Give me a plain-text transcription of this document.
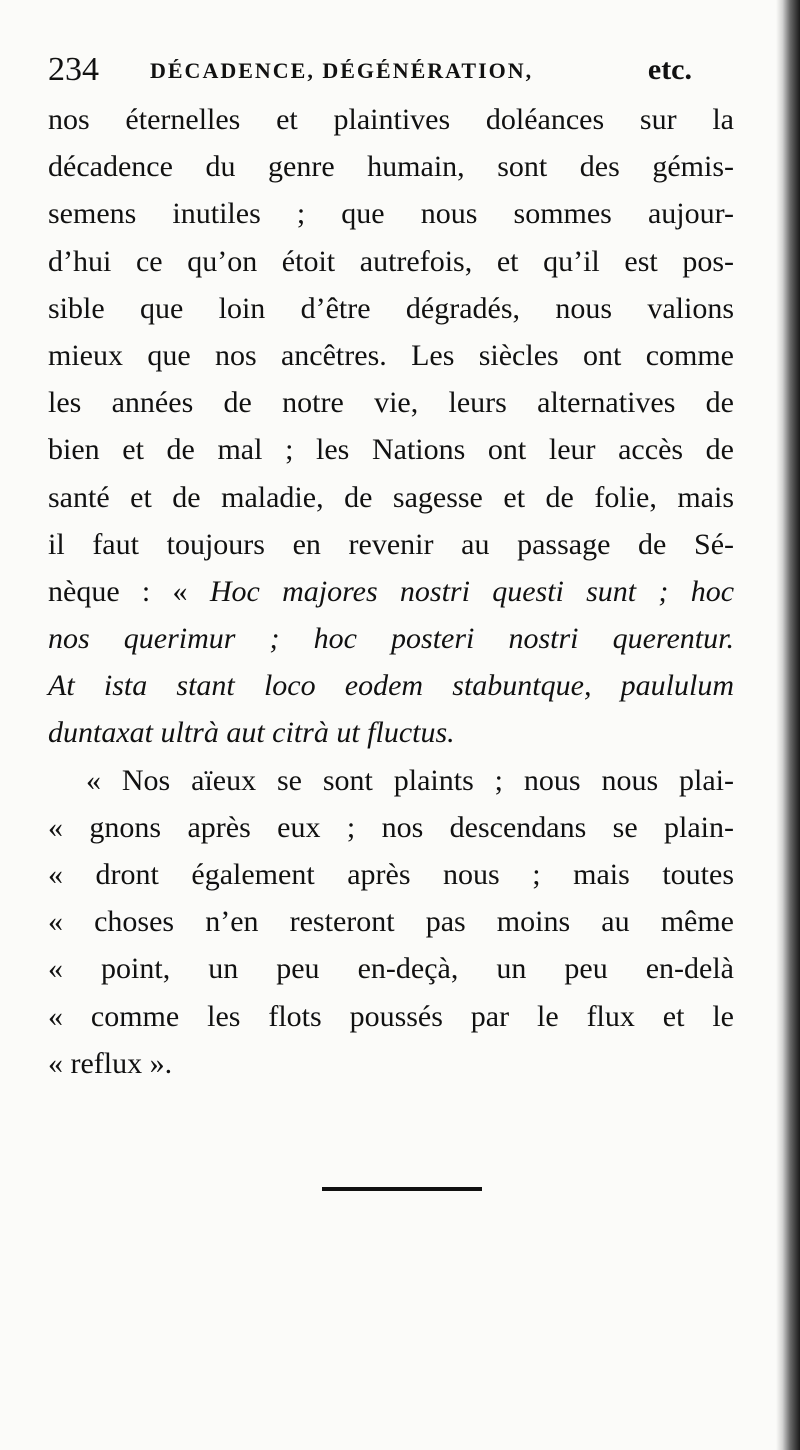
234 DÉCADENCE, DÉGÉNÉRATION,	etc.
nos éternelles et plaintives doléances sur la
décadence du genre humain, sont des gémis-
semens inutiles ; que nous sommes aujour-
d’hui ce qu’on étoit autrefois, et qu’il est pos-
sible que loin d’être dégradés, nous valions
mieux que nos ancêtres. Les siècles ont comme
les années de notre vie, leurs alternatives de
bien et de mal ; les Nations ont leur accès de
santé et de maladie, de sagesse et de folie, mais
il faut toujours en revenir au passage de Sé-
nèque : « Hoc majores nostri questi sunt ; hoc
nos querimur ; hoc posteri nostri querentur.
At ista stant loco eodem stabuntque, paululum
duntaxat ultrà aut citrà ut fluctus.
« Nos aïeux se sont plaints ; nous nous plai-
« gnons après eux ; nos descendans se plain-
« dront également après nous ; mais toutes
« choses n’en resteront pas moins au même
« point, un peu en-deçà, un peu en-delà
« comme les flots poussés par le flux et le
« reflux ».
